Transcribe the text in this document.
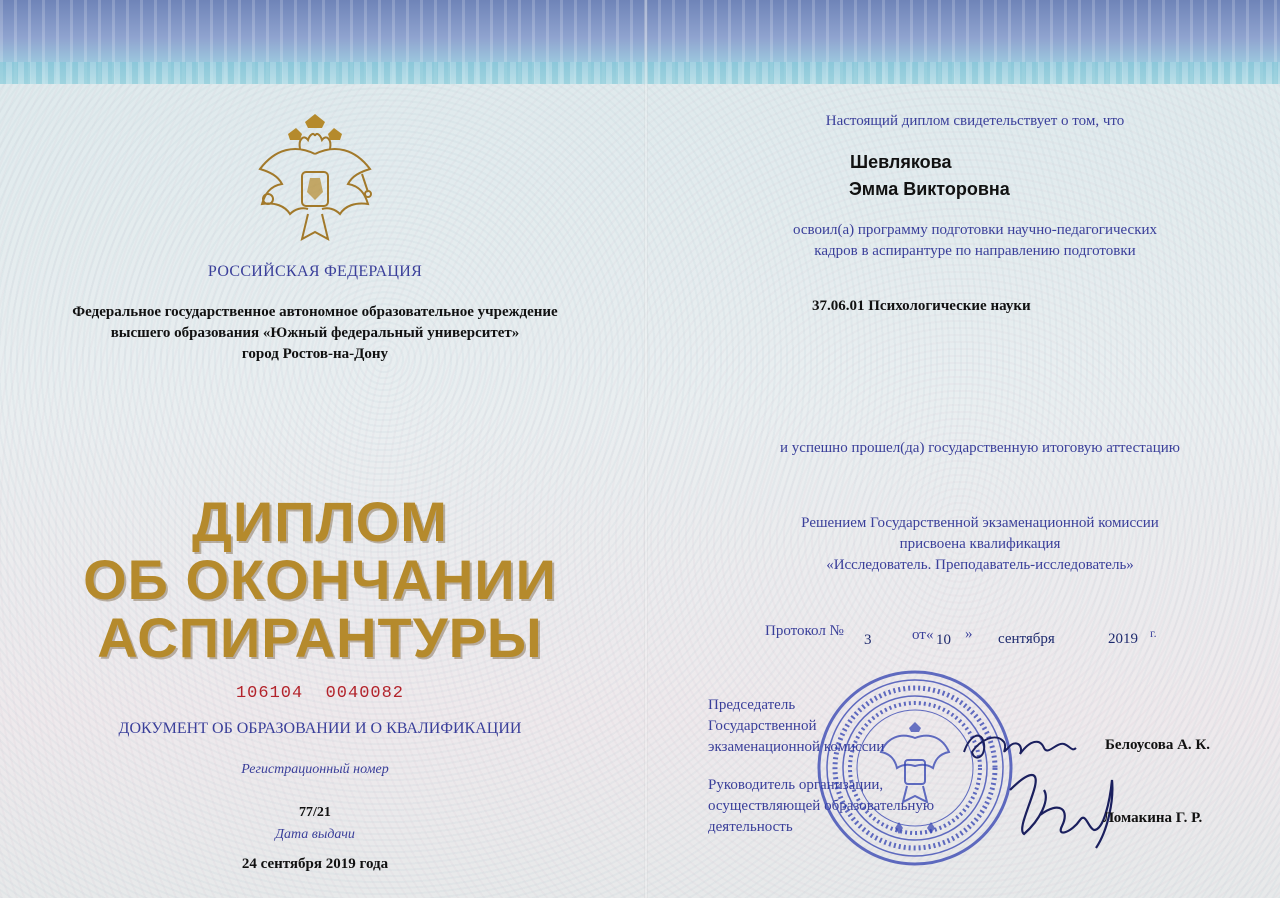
РОССИЙСКАЯ ФЕДЕРАЦИЯ
Федеральное государственное автономное образовательное учреждение
высшего образования «Южный федеральный университет»
город Ростов-на-Дону
ДИПЛОМ
ОБ ОКОНЧАНИИ
АСПИРАНТУРЫ
106104  0040082
ДОКУМЕНТ ОБ ОБРАЗОВАНИИ И О КВАЛИФИКАЦИИ
Регистрационный номер
77/21
Дата выдачи
24 сентября 2019 года
Настоящий диплом свидетельствует о том, что
Шевлякова
Эмма Викторовна
освоил(а) программу подготовки научно-педагогических
кадров в аспирантуре по направлению подготовки
37.06.01 Психологические науки
и успешно прошел(да) государственную итоговую аттестацию
Решением Государственной экзаменационной комиссии
присвоена квалификация
«Исследователь. Преподаватель-исследователь»
Протокол №
3	от « 10 » сентября	2019 г.
Председатель
Государственной
экзаменационной комиссии
Руководитель организации,
осуществляющей образовательную
деятельность
Белоусова А. К.
Ломакина Г. Р.
